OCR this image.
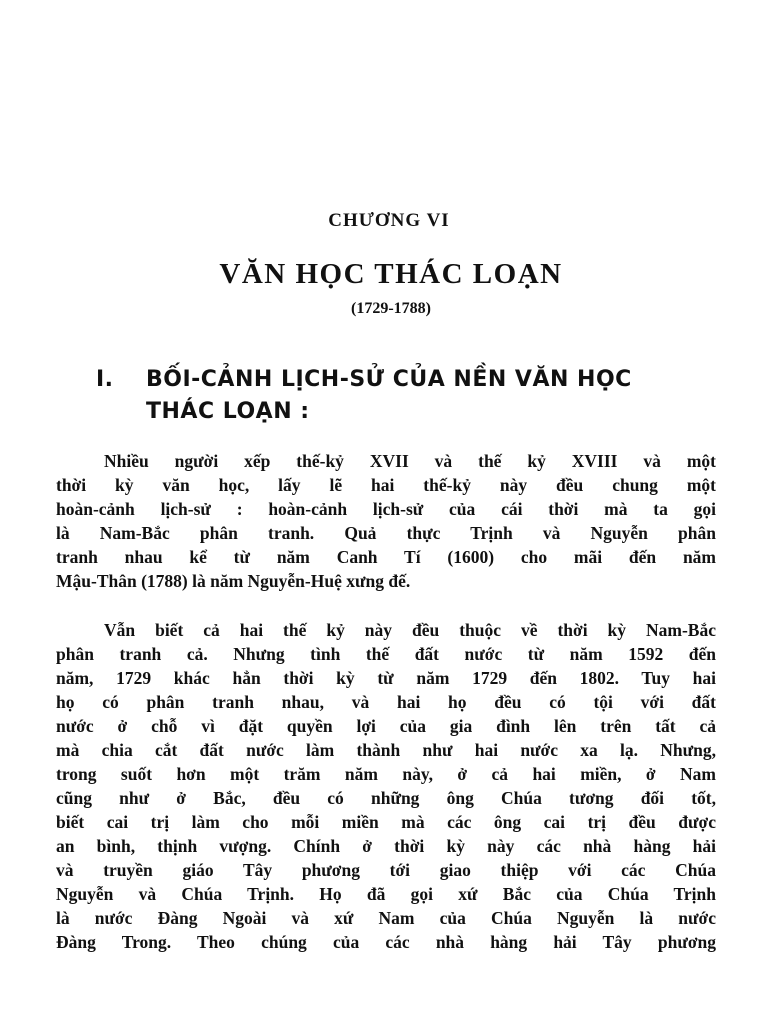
CHƯƠNG VI
VĂN HỌC THÁC LOẠN
(1729-1788)
I. BỐI-CẢNH LỊCH-SỬ CỦA NỀN VĂN HỌC
THÁC LOẠN :
Nhiều người xếp thế-kỷ XVII và thế kỷ XVIII và một
thời kỳ văn học, lấy lẽ hai thế-kỷ này đều chung một
hoàn-cảnh lịch-sử : hoàn-cảnh lịch-sử của cái thời mà ta gọi
là Nam-Bắc phân tranh. Quả thực Trịnh và Nguyễn phân
tranh nhau kể từ năm Canh Tí (1600) cho mãi đến năm
Mậu-Thân (1788) là năm Nguyễn-Huệ xưng đế.
Vẫn biết cả hai thế kỷ này đều thuộc về thời kỳ Nam-Bắc
phân tranh cả. Nhưng tình thế đất nước từ năm 1592 đến
năm, 1729 khác hẳn thời kỳ từ năm 1729 đến 1802. Tuy hai
họ có phân tranh nhau, và hai họ đều có tội với đất
nước ở chỗ vì đặt quyền lợi của gia đình lên trên tất cả
mà chia cắt đất nước làm thành như hai nước xa lạ. Nhưng,
trong suốt hơn một trăm năm này, ở cả hai miền, ở Nam
cũng như ở Bắc, đều có những ông Chúa tương đối tốt,
biết cai trị làm cho mỗi miền mà các ông cai trị đều được
an bình, thịnh vượng. Chính ở thời kỳ này các nhà hàng hải
và truyền giáo Tây phương tới giao thiệp với các Chúa
Nguyễn và Chúa Trịnh. Họ đã gọi xứ Bắc của Chúa Trịnh
là nước Đàng Ngoài và xứ Nam của Chúa Nguyễn là nước
Đàng Trong. Theo chúng của các nhà hàng hải Tây phương
